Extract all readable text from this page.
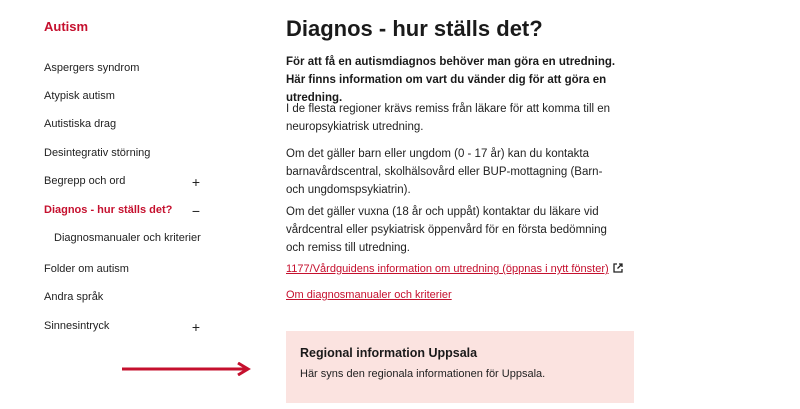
Autism
Aspergers syndrom
Atypisk autism
Autistiska drag
Desintegrativ störning
Begrepp och ord	+
Diagnos - hur ställs det? −
Diagnosmanualer och kriterier
Folder om autism
Andra språk
Sinnesintryck	+
Diagnos - hur ställs det?

För att få en autismdiagnos behöver man göra en utredning. Här finns information om vart du vänder dig för att göra en utredning.

I de flesta regioner krävs remiss från läkare för att komma till en neuropsykiatrisk utredning.

Om det gäller barn eller ungdom (0 - 17 år) kan du kontakta barnavårdscentral, skolhälsovård eller BUP-mottagning (Barn- och ungdomspsykiatrin).

Om det gäller vuxna (18 år och uppåt) kontaktar du läkare vid vårdcentral eller psykiatrisk öppenvård för en första bedömning och remiss till utredning.

1177/Vårdguidens information om utredning (öppnas i nytt fönster)
Om diagnosmanualer och kriterier
Regional information Uppsala
Här syns den regionala informationen för Uppsala.
